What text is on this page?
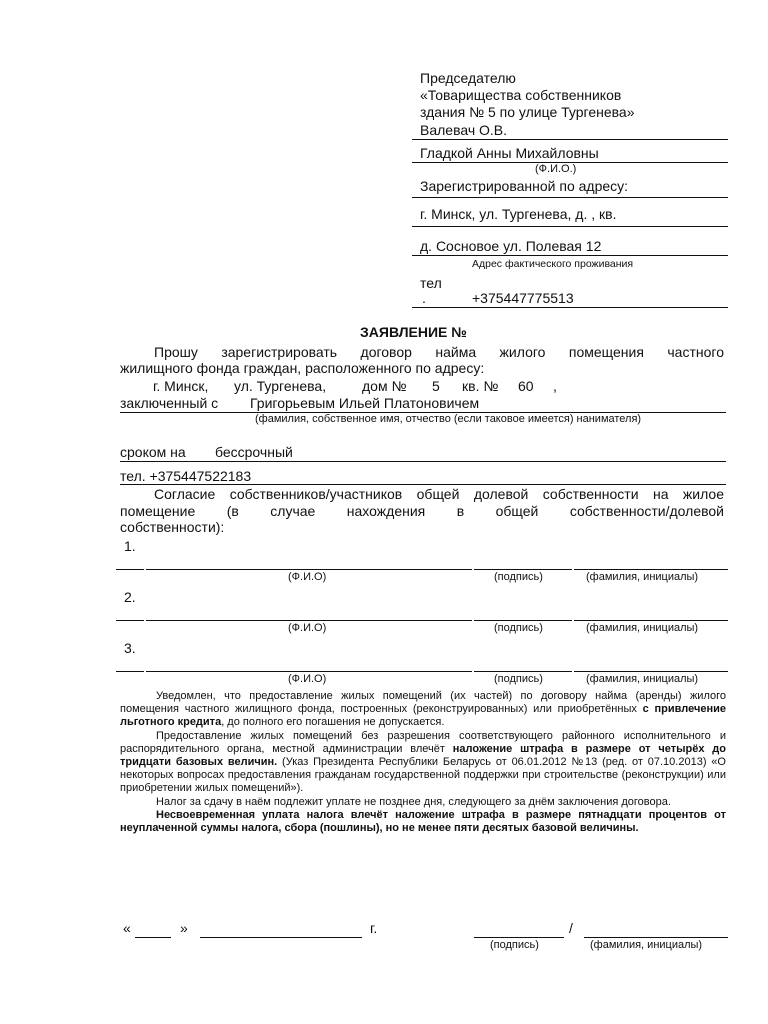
Председателю
«Товарищества собственников
здания № 5 по улице Тургенева»
Валевач О.В.
Гладкой Анны Михайловны
(Ф.И.О.)
Зарегистрированной по адресу:
г. Минск, ул. Тургенева, д. , кв.
д. Сосновое ул. Полевая 12
Адрес фактического проживания
тел
.	+375447775513
ЗАЯВЛЕНИЕ №
Прошу зарегистрировать договор найма жилого помещения частного
жилищного фонда граждан, расположенного по адресу:
г. Минск, ул. Тургенева,	дом № 5 кв. № 60 ,
заключенный с Григорьевым Ильей Платоновичем
(фамилия, собственное имя, отчество (если таковое имеется) нанимателя)
сроком на бессрочный
тел. +375447522183
Согласие собственников/участников общей долевой собственности на жилое
помещение (в случае нахождения в общей собственности/долевой
собственности):
1.
(Ф.И.О)	(подпись)	(фамилия, инициалы)
2.
(Ф.И.О)	(подпись)	(фамилия, инициалы)
3.
(Ф.И.О)	(подпись)	(фамилия, инициалы)

Уведомлен, что предоставление жилых помещений (их частей) по договору найма (аренды) жилого помещения частного жилищного фонда, построенных (реконструированных) или приобретённых с привлечение льготного кредита, до полного его погашения не допускается.

Предоставление жилых помещений без разрешения соответствующего районного исполнительного и распорядительного органа, местной администрации влечёт наложение штрафа в размере от четырёх до тридцати базовых величин. (Указ Президента Республики Беларусь от 06.01.2012 №13 (ред. от 07.10.2013) «О некоторых вопросах предоставления гражданам государственной поддержки при строительстве (реконструкции) или приобретении жилых помещений»).

Налог за сдачу в наём подлежит уплате не позднее дня, следующего за днём заключения договора.

Несвоевременная уплата налога влечёт наложение штрафа в размере пятнадцати процентов от неуплаченной суммы налога, сбора (пошлины), но не менее пяти десятых базовой величины.

«	»	г.	/
(подпись)	(фамилия, инициалы)
